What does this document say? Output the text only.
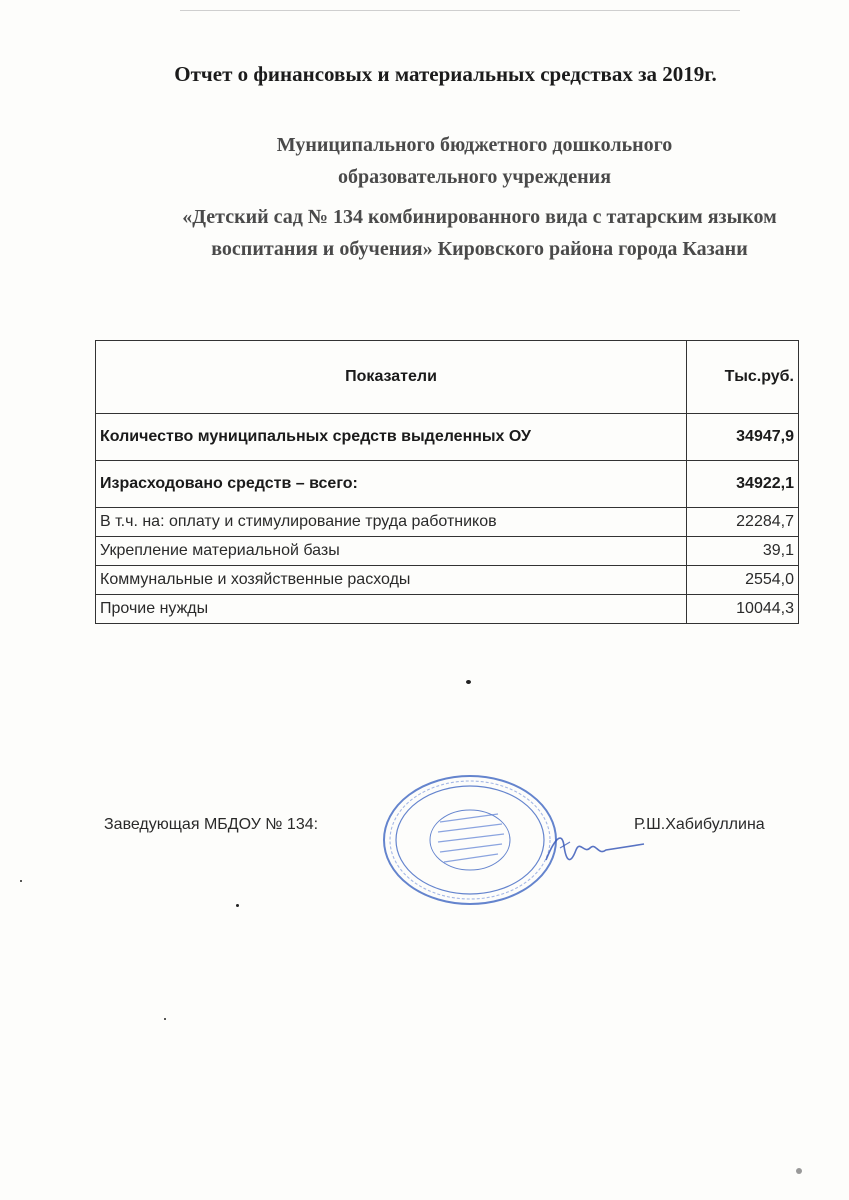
Отчет о финансовых и материальных средствах за 2019г.
Муниципального бюджетного дошкольного
образовательного учреждения
«Детский сад № 134 комбинированного вида с татарским языком
воспитания и обучения» Кировского района города Казани
Показатели	Тыс.руб.
Количество муниципальных средств выделенных ОУ	34947,9
Израсходовано средств – всего:	34922,1
В т.ч. на: оплату и стимулирование труда работников	22284,7
Укрепление материальной базы	39,1
Коммунальные и хозяйственные расходы	2554,0
Прочие нужды	10044,3
Заведующая МБДОУ № 134:	Р.Ш.Хабибуллина
